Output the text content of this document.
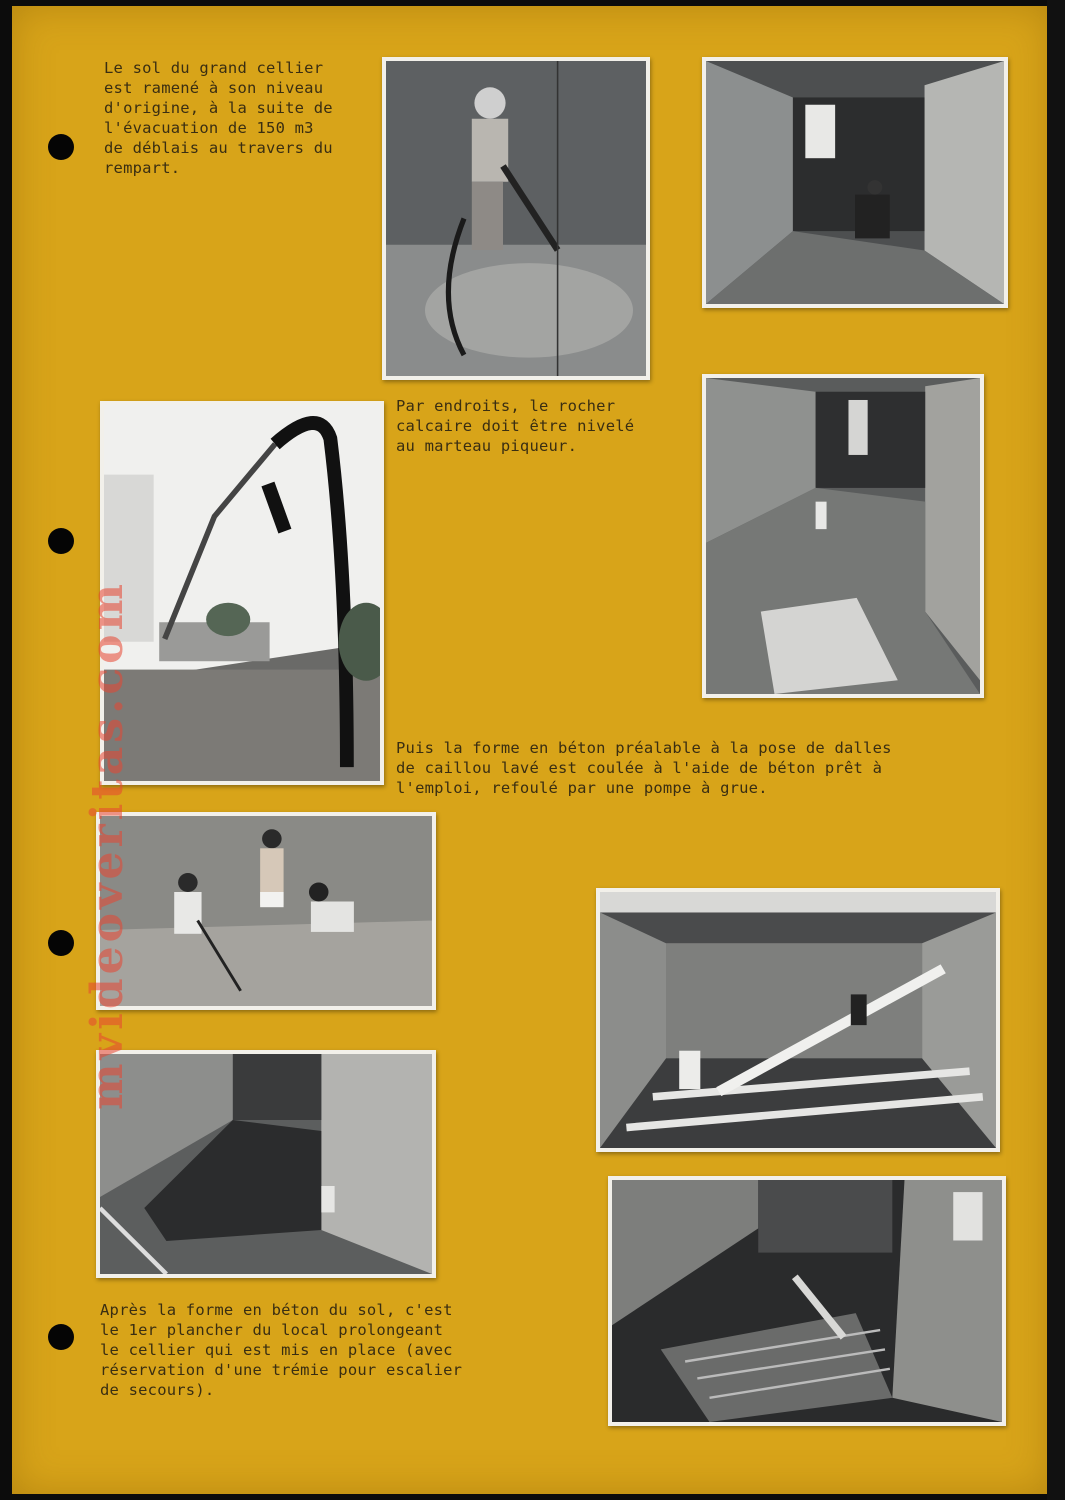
Le sol du grand cellier
est ramené à son niveau
d'origine, à la suite de
l'évacuation de 150 m3
de déblais au travers du
rempart.
Par endroits, le rocher
calcaire doit être nivelé
au marteau piqueur.
Puis la forme en béton préalable à la pose de dalles
de caillou lavé est coulée à l'aide de béton prêt à
l'emploi, refoulé par une pompe à grue.
Après la forme en béton du sol, c'est
le 1er plancher du local prolongeant
le cellier qui est mis en place (avec
réservation d'une trémie pour escalier
de secours).
mvideoveritas.com
